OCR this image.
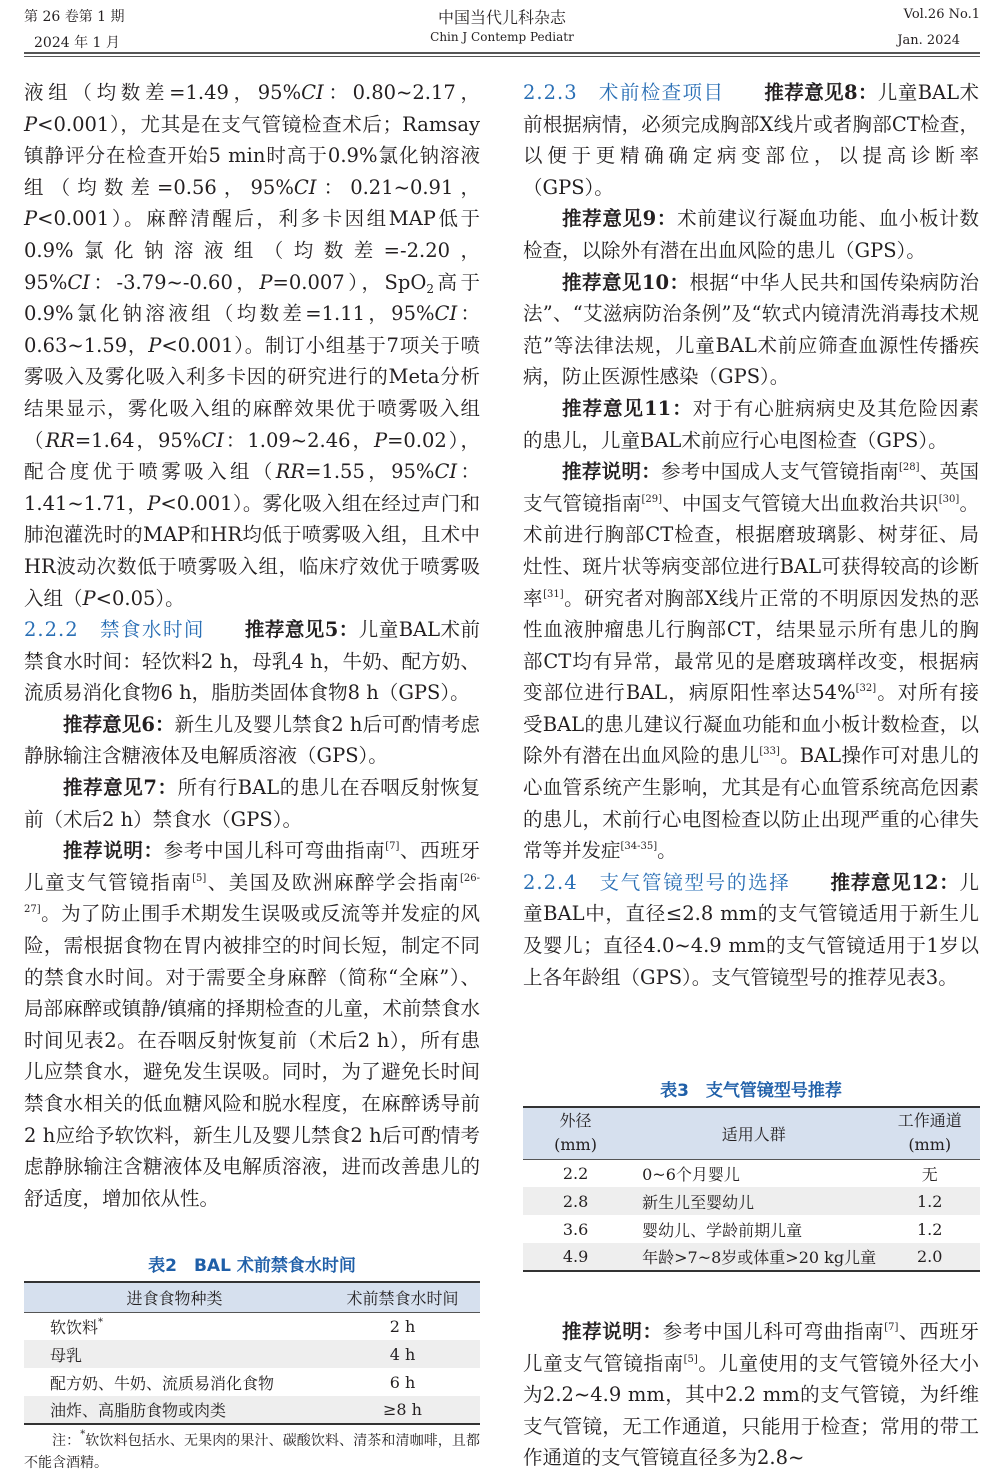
第 26 卷第 1 期
2024 年 1 月
中国当代儿科杂志
Chin J Contemp Pediatr
Vol.26 No.1
Jan. 2024

液组（均数差=1.49，95%CI：0.80~2.17，P<0.001），尤其是在支气管镜检查术后；Ramsay镇静评分在检查开始5 min时高于0.9%氯化钠溶液组（均数差=0.56，95%CI：0.21~0.91，P<0.001）。麻醉清醒后，利多卡因组MAP低于0.9%氯化钠溶液组（均数差=-2.20，95%CI：-3.79~-0.60，P=0.007），SpO$_2$高于0.9%氯化钠溶液组（均数差=1.11，95%CI：0.63~1.59，P<0.001）。制订小组基于7项关于喷雾吸入及雾化吸入利多卡因的研究进行的Meta分析结果显示，雾化吸入组的麻醉效果优于喷雾吸入组（RR=1.64，95%CI：1.09~2.46，P=0.02），配合度优于喷雾吸入组（RR=1.55，95%CI：1.41~1.71，P<0.001）。雾化吸入组在经过声门和肺泡灌洗时的MAP和HR均低于喷雾吸入组，且术中HR波动次数低于喷雾吸入组，临床疗效优于喷雾吸入组（P<0.05）。

2.2.2　禁食水时间 推荐意见5：儿童BAL术前禁食水时间：轻饮料2 h，母乳4 h，牛奶、配方奶、流质易消化食物6 h，脂肪类固体食物8 h（GPS）。

推荐意见6：新生儿及婴儿禁食2 h后可酌情考虑静脉输注含糖液体及电解质溶液（GPS）。

推荐意见7：所有行BAL的患儿在吞咽反射恢复前（术后2 h）禁食水（GPS）。

推荐说明：参考中国儿科可弯曲指南[7]、西班牙儿童支气管镜指南[5]、美国及欧洲麻醉学会指南[26-27]。为了防止围手术期发生误吸或反流等并发症的风险，需根据食物在胃内被排空的时间长短，制定不同的禁食水时间。对于需要全身麻醉（简称“全麻”）、局部麻醉或镇静/镇痛的择期检查的儿童，术前禁食水时间见表2。在吞咽反射恢复前（术后2 h），所有患儿应禁食水，避免发生误吸。同时，为了避免长时间禁食水相关的低血糖风险和脱水程度，在麻醉诱导前2 h应给予软饮料，新生儿及婴儿禁食2 h后可酌情考虑静脉输注含糖液体及电解质溶液，进而改善患儿的舒适度，增加依从性。

2.2.3　术前检查项目 推荐意见8：儿童BAL术前根据病情，必须完成胸部X线片或者胸部CT检查，以便于更精确确定病变部位，以提高诊断率（GPS）。

推荐意见9：术前建议行凝血功能、血小板计数检查，以除外有潜在出血风险的患儿（GPS）。

推荐意见10：根据“中华人民共和国传染病防治法”、“艾滋病防治条例”及“软式内镜清洗消毒技术规范”等法律法规，儿童BAL术前应筛查血源性传播疾病，防止医源性感染（GPS）。

推荐意见11：对于有心脏病病史及其危险因素的患儿，儿童BAL术前应行心电图检查（GPS）。

推荐说明：参考中国成人支气管镜指南[28]、英国支气管镜指南[29]、中国支气管镜大出血救治共识[30]。术前进行胸部CT检查，根据磨玻璃影、树芽征、局灶性、斑片状等病变部位进行BAL可获得较高的诊断率[31]。研究者对胸部X线片正常的不明原因发热的恶性血液肿瘤患儿行胸部CT，结果显示所有患儿的胸部CT均有异常，最常见的是磨玻璃样改变，根据病变部位进行BAL，病原阳性率达54%[32]。对所有接受BAL的患儿建议行凝血功能和血小板计数检查，以除外有潜在出血风险的患儿[33]。BAL操作可对患儿的心血管系统产生影响，尤其是有心血管系统高危因素的患儿，术前行心电图检查以防止出现严重的心律失常等并发症[34-35]。

2.2.4　支气管镜型号的选择 推荐意见12：儿童BAL中，直径≤2.8 mm的支气管镜适用于新生儿及婴儿；直径4.0~4.9 mm的支气管镜适用于1岁以上各年龄组（GPS）。支气管镜型号的推荐见表3。

推荐说明：参考中国儿科可弯曲指南[7]、西班牙儿童支气管镜指南[5]。儿童使用的支气管镜外径大小为2.2~4.9 mm，其中2.2 mm的支气管镜，为纤维支气管镜，无工作通道，只能用于检查；常用的带工作通道的支气管镜直径多为2.8~

表2　BAL 术前禁食水时间
进食食物种类	术前禁食水时间
软饮料*	2 h
母乳	4 h
配方奶、牛奶、流质易消化食物	6 h
油炸、高脂肪食物或肉类	≥8 h
注：*软饮料包括水、无果肉的果汁、碳酸饮料、清茶和清咖啡，且都不能含酒精。
表3　支气管镜型号推荐
外径
(mm)	适用人群	工作通道
(mm)
2.2	0~6个月婴儿	无
2.8	新生儿至婴幼儿	1.2
3.6	婴幼儿、学龄前期儿童	1.2
4.9	年龄>7~8岁或体重>20 kg儿童	2.0
